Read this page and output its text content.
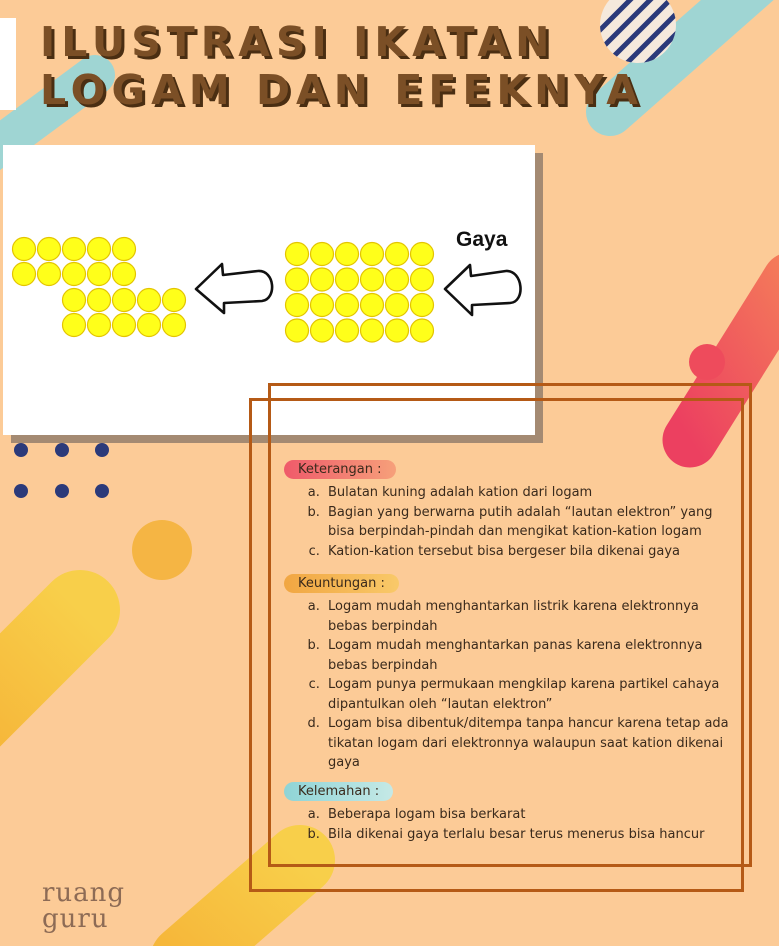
ILUSTRASI IKATAN
LOGAM DAN EFEKNYA
Gaya
Keterangan :
a. Bulatan kuning adalah kation dari logam
b. Bagian yang berwarna putih adalah “lautan elektron” yang bisa berpindah-pindah dan mengikat kation-kation logam
c. Kation-kation tersebut bisa bergeser bila dikenai gaya
Keuntungan :
a. Logam mudah menghantarkan listrik karena elektronnya bebas berpindah
b. Logam mudah menghantarkan panas karena elektronnya bebas berpindah
c. Logam punya permukaan mengkilap karena partikel cahaya dipantulkan oleh “lautan elektron”
d. Logam bisa dibentuk/ditempa tanpa hancur karena tetap ada tikatan logam dari elektronnya walaupun saat kation dikenai gaya
Kelemahan :
a. Beberapa logam bisa berkarat
b. Bila dikenai gaya terlalu besar terus menerus bisa hancur
ruang
guru
